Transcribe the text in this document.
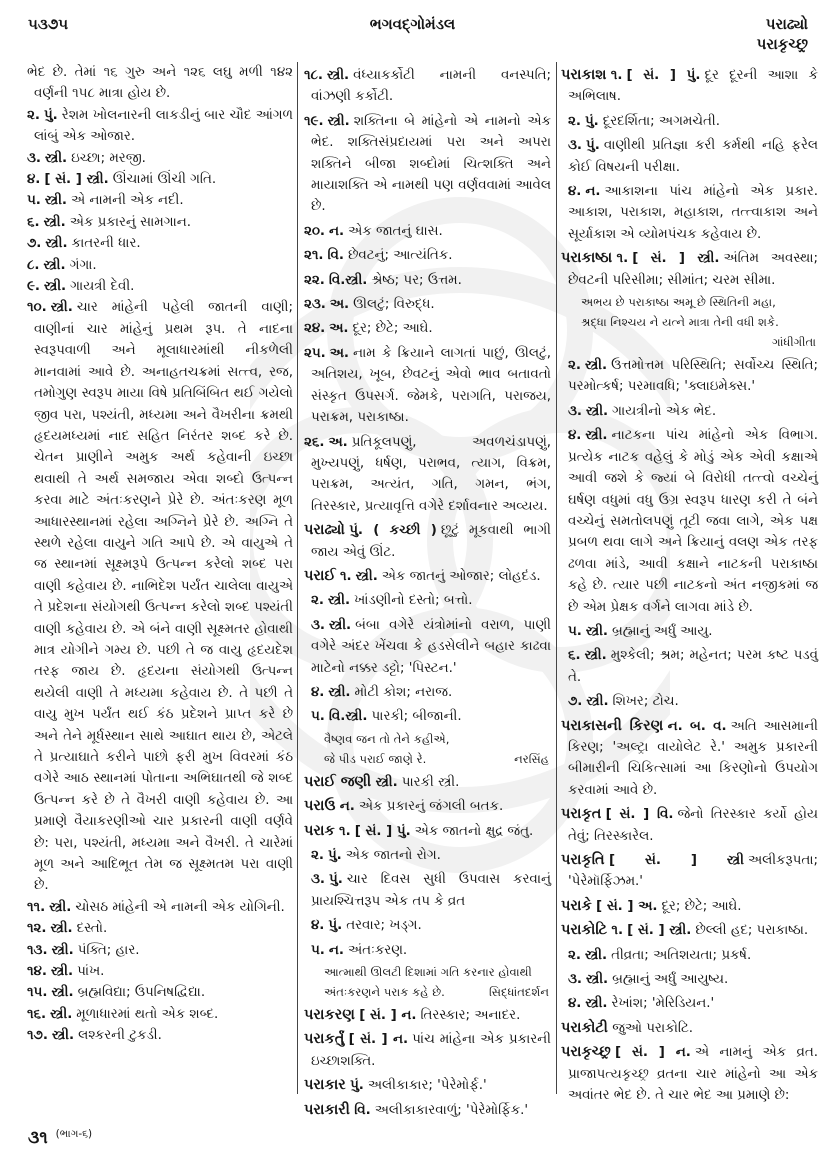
૫૩૭૫	ભગવદ્ગોમંડલ	પરાઢ્યો
પરાકૃચ્છ્ર

ભેદ છે. તેમાં ૧૬ ગુરુ અને ૧૨૬ લઘુ મળી ૧૪૨ વર્ણની ૧૫૮ માત્રા હોય છે.

૨. પું. રેશમ ખોલનારની લાકડીનું બાર ચૌદ આંગળ લાંબું એક ઓજાર.

૩. સ્ત્રી. ઇચ્છા; મરજી.

૪. [ સં. ] સ્ત્રી. ઊંચામાં ઊંચી ગતિ.

૫. સ્ત્રી. એ નામની એક નદી.

૬. સ્ત્રી. એક પ્રકારનું સામગાન.

૭. સ્ત્રી. કાતરની ધાર.

૮. સ્ત્રી. ગંગા.

૯. સ્ત્રી. ગાયત્રી દેવી.

૧૦. સ્ત્રી. ચાર માંહેની પહેલી જાતની વાણી; વાણીનાં ચાર માંહેનું પ્રથમ રૂપ. તે નાદના સ્વરૂપવાળી અને મૂલાધારમાંથી નીકળેલી માનવામાં આવે છે. અનાહતચક્રમાં સત્ત્વ, રજ, તમોગુણ સ્વરૂપ માયા વિષે પ્રતિબિંબિત થઈ ગયેલો જીવ પરા, પશ્યંતી, મધ્યમા અને વૈખરીના ક્રમથી હૃદયમધ્યમાં નાદ સહિત નિરંતર શબ્દ કરે છે. ચેતન પ્રાણીને અમુક અર્થ કહેવાની ઇચ્છા થવાથી તે અર્થ સમજાય એવા શબ્દો ઉત્પન્ન કરવા માટે અંતઃકરણને પ્રેરે છે. અંતઃકરણ મૂળ આધારસ્થાનમાં રહેલા અગ્નિને પ્રેરે છે. અગ્નિ તે સ્થળે રહેલા વાયુને ગતિ આપે છે. એ વાયુએ તે જ સ્થાનમાં સૂક્ષ્મરૂપે ઉત્પન્ન કરેલો શબ્દ પરા વાણી કહેવાય છે. નાભિદેશ પર્યંત ચાલેલા વાયુએ તે પ્રદેશના સંયોગથી ઉત્પન્ન કરેલો શબ્દ પશ્યંતી વાણી કહેવાય છે. એ બંને વાણી સૂક્ષ્મતર હોવાથી માત્ર યોગીને ગમ્ય છે. પછી તે જ વાયુ હૃદયદેશ તરફ જાય છે. હૃદયના સંયોગથી ઉત્પન્ન થયેલી વાણી તે મધ્યમા કહેવાય છે. તે પછી તે વાયુ મુખ પર્યંત થઈ કંઠ પ્રદેશને પ્રાપ્ત કરે છે અને તેને મૂર્ધસ્થાન સાથે આઘાત થાય છે, એટલે તે પ્રત્યાઘાતે કરીને પાછો ફરી મુખ વિવરમાં કંઠ વગેરે આઠ સ્થાનમાં પોતાના અભિઘાતથી જે શબ્દ ઉત્પન્ન કરે છે તે વૈખરી વાણી કહેવાય છે. આ પ્રમાણે વૈયાકરણીઓ ચાર પ્રકારની વાણી વર્ણવે છે: પરા, પશ્યંતી, મધ્યમા અને વૈખરી. તે ચારેમાં મૂળ અને આદિભૂત તેમ જ સૂક્ષ્મતમ પરા વાણી છે.

૧૧. સ્ત્રી. ચોસઠ માંહેની એ નામની એક યોગિની.

૧૨. સ્ત્રી. દસ્તો.

૧૩. સ્ત્રી. પંક્તિ; હાર.

૧૪. સ્ત્રી. પાંખ.

૧૫. સ્ત્રી. બ્રહ્મવિદ્યા; ઉપનિષદ્વિદ્યા.

૧૬. સ્ત્રી. મૂળાધારમાં થતો એક શબ્દ.

૧૭. સ્ત્રી. લશ્કરની ટુકડી.

૧૮. સ્ત્રી. વંધ્યાકર્કોટી નામની વનસ્પતિ; વાંઝણી કર્કોટી.

૧૯. સ્ત્રી. શક્તિના બે માંહેનો એ નામનો એક ભેદ. શક્તિસંપ્રદાયમાં પરા અને અપરા શક્તિને બીજા શબ્દોમાં ચિત્શક્તિ અને માયાશક્તિ એ નામથી પણ વર્ણવવામાં આવેલ છે.

૨૦. ન. એક જાતનું ઘાસ.

૨૧. વિ. છેવટનું; આત્યંતિક.

૨૨. વિ.સ્ત્રી. શ્રેષ્ઠ; પર; ઉત્તમ.

૨૩. અ. ઊલટું; વિરુદ્ધ.

૨૪. અ. દૂર; છેટે; આઘે.

૨૫. અ. નામ કે ક્રિયાને લાગતાં પાછું, ઊલટું, અતિશય, ખૂબ, છેવટનું એવો ભાવ બતાવતો સંસ્કૃત ઉપસર્ગ. જેમકે, પરાગતિ, પરાજય, પરાક્રમ, પરાકાષ્ઠા.

૨૬. અ. પ્રતિકૂલપણું, અવળચંડાપણું, મુખ્યપણું, ધર્ષણ, પરાભવ, ત્યાગ, વિક્રમ, પરાક્રમ, અત્યંત, ગતિ, ગમન, ભંગ, તિરસ્કાર, પ્રત્યાવૃત્તિ વગેરે દર્શાવનાર અવ્યય.

પરાઢ્યો પું. ( કચ્છી ) છૂટું મૂકવાથી ભાગી જાય એવું ઊંટ.

પરાઈ ૧. સ્ત્રી. એક જાતનું ઓજાર; લોહદંડ.

૨. સ્ત્રી. ખાંડણીનો દસ્તો; બત્તો.

૩. સ્ત્રી. બંબા વગેરે યંત્રોમાંનો વરાળ, પાણી વગેરે અંદર ખેંચવા કે હડસેલીને બહાર કાઢવા માટેનો નક્કર ડટ્ટો; 'પિસ્ટન.'

૪. સ્ત્રી. મોટી કોશ; નરાજ.

૫. વિ.સ્ત્રી. પારકી; બીજાની.

વૈષ્ણવ જન તો તેને કહીએ,
જે પીડ પરાઈ જાણે રે.	નરસિંહ

પરાઈ જણી સ્ત્રી. પારકી સ્ત્રી.

પરાઉ ન. એક પ્રકારનું જંગલી બતક.

પરાક ૧. [ સં. ] પું. એક જાતનો ક્ષુદ્ર જંતુ.

૨. પું. એક જાતનો રોગ.

૩. પું. ચાર દિવસ સુધી ઉપવાસ કરવાનું પ્રાયશ્ચિત્તરૂપ એક તપ કે વ્રત

૪. પું. તરવાર; ખડ્ગ.

૫. ન. અંતઃકરણ.

આત્માથી ઊલટી દિશામાં ગતિ કરનાર હોવાથી
અંતઃકરણને પરાક કહે છે.	સિદ્ધાંતદર્શન

પરાકરણ [ સં. ] ન. તિરસ્કાર; અનાદર.

પરાકર્તું [ સં. ] ન. પાંચ માંહેના એક પ્રકારની ઇચ્છાશક્તિ.

પરાકાર પું. અલીકાકાર; 'પેરેમોર્ફ.'

પરાકારી વિ. અલીકાકારવાળું; 'પેરેમોર્ફિક.'

પરાકાશ ૧. [ સં. ] પું. દૂર દૂરની આશા કે અભિલાષ.

૨. પું. દૂરદર્શિતા; અગમચેતી.

૩. પું. વાણીથી પ્રતિજ્ઞા કરી કર્મથી નહિ ફરેલ કોઈ વિષયની પરીક્ષા.

૪. ન. આકાશના પાંચ માંહેનો એક પ્રકાર. આકાશ, પરાકાશ, મહાકાશ, તત્ત્વાકાશ અને સૂર્યાકાશ એ વ્યોમપંચક કહેવાય છે.

પરાકાષ્ઠા ૧. [ સં. ] સ્ત્રી. અંતિમ અવસ્થા; છેવટની પરિસીમા; સીમાંત; ચરમ સીમા.

અભય છે પરાકાષ્ઠા અમૂ છે સ્થિતિની મહા,
શ્રદ્ધા નિશ્ચય ને યત્ને માત્રા તેની વધી શકે.
ગાંધીગીતા

૨. સ્ત્રી. ઉત્તમોત્તમ પરિસ્થિતિ; સર્વોચ્ચ સ્થિતિ; પરમોત્કર્ષ; પરમાવધિ; 'ક્લાઇમેક્સ.'

૩. સ્ત્રી. ગાયત્રીનો એક ભેદ.

૪. સ્ત્રી. નાટકના પાંચ માંહેનો એક વિભાગ. પ્રત્યેક નાટક વહેલું કે મોડું એક એવી કક્ષાએ આવી જશે કે જ્યાં બે વિરોધી તત્ત્વો વચ્ચેનું ઘર્ષણ વધુમાં વધુ ઉગ્ર સ્વરૂપ ધારણ કરી તે બંને વચ્ચેનું સમતોલપણું તૂટી જવા લાગે, એક પક્ષ પ્રબળ થવા લાગે અને ક્રિયાનું વલણ એક તરફ ઢળવા માંડે, આવી કક્ષાને નાટકની પરાકાષ્ઠા કહે છે. ત્યાર પછી નાટકનો અંત નજીકમાં જ છે એમ પ્રેક્ષક વર્ગને લાગવા માંડે છે.

૫. સ્ત્રી. બ્રહ્માનું અર્ધું આયુ.

૬. સ્ત્રી. મુશ્કેલી; શ્રમ; મહેનત; પરમ કષ્ટ પડવું તે.

૭. સ્ત્રી. શિખર; ટોચ.

પરાકાસની કિરણ ન. બ. વ. અતિ આસમાની કિરણ; 'અલ્ટ્રા વાયોલેટ રે.' અમુક પ્રકારની બીમારીની ચિકિત્સામાં આ કિરણોનો ઉપયોગ કરવામાં આવે છે.

પરાકૃત [ સં. ] વિ. જેનો તિરસ્કાર કર્યો હોય તેવું; તિરસ્કારેલ.

પરાકૃતિ [ સં. ] સ્ત્રી અલીકરૂપતા; 'પેરેમૉર્ફિઝમ.'

પરાકે [ સં. ] અ. દૂર; છેટે; આઘે.

પરાકોટિ ૧. [ સં. ] સ્ત્રી. છેલ્લી હદ; પરાકાષ્ઠા.

૨. સ્ત્રી. તીવ્રતા; અતિશયતા; પ્રકર્ષ.

૩. સ્ત્રી. બ્રહ્માનું અર્ધું આયુષ્ય.

૪. સ્ત્રી. રેખાંશ; 'મેરિડિયન.'

પરાકોટી જુઓ પરાકોટિ.

પરાકૃચ્છ્ર [ સં. ] ન. એ નામનું એક વ્રત. પ્રાજાપત્યકૃચ્છ્ર વ્રતના ચાર માંહેનો આ એક અવાંતર ભેદ છે. તે ચાર ભેદ આ પ્રમાણે છે:

૩૧ $^{(ભાગ-૬)}$
